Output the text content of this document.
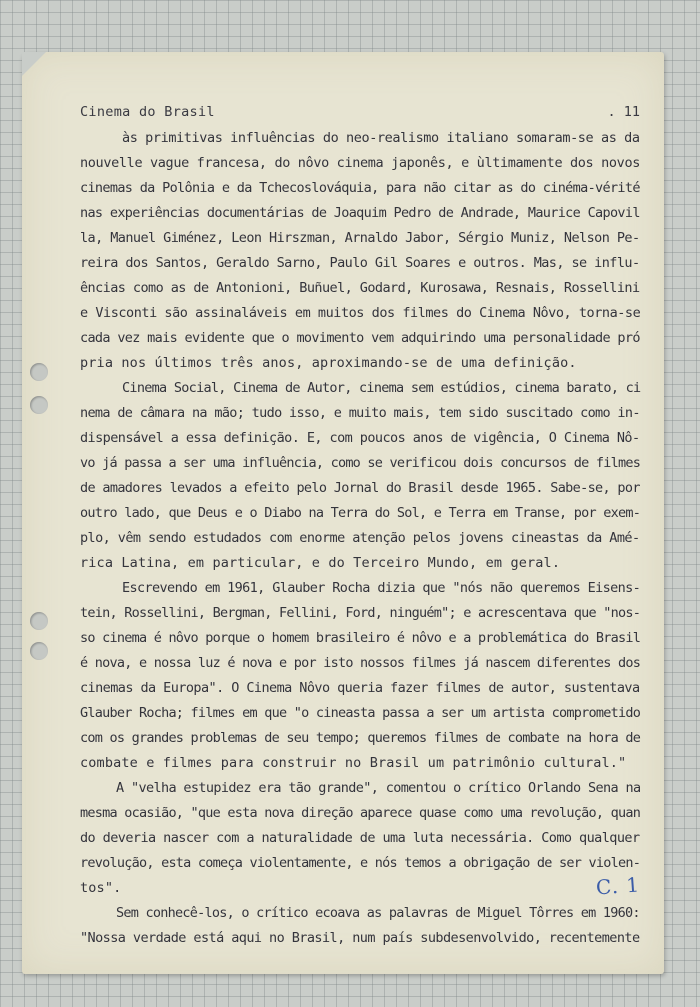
Cinema do Brasil	. 11
às primitivas influências do neo-realismo italiano somaram-se as da
nouvelle vague francesa, do nôvo cinema japonês, e ùltimamente dos novos
cinemas da Polônia e da Tchecoslováquia, para não citar as do cinéma-vérité
nas experiências documentárias de Joaquim Pedro de Andrade, Maurice Capovil
la, Manuel Giménez, Leon Hirszman, Arnaldo Jabor, Sérgio Muniz, Nelson Pe-
reira dos Santos, Geraldo Sarno, Paulo Gil Soares e outros. Mas, se influ-
ências como as de Antonioni, Buñuel, Godard, Kurosawa, Resnais, Rossellini
e Visconti são assinaláveis em muitos dos filmes do Cinema Nôvo, torna-se
cada vez mais evidente que o movimento vem adquirindo uma personalidade pró
pria nos últimos três anos, aproximando-se de uma definição.
Cinema Social, Cinema de Autor, cinema sem estúdios, cinema barato, ci
nema de câmara na mão; tudo isso, e muito mais, tem sido suscitado como in-
dispensável a essa definição. E, com poucos anos de vigência, O Cinema Nô-
vo já passa a ser uma influência, como se verificou dois concursos de filmes
de amadores levados a efeito pelo Jornal do Brasil desde 1965. Sabe-se, por
outro lado, que Deus e o Diabo na Terra do Sol, e Terra em Transe, por exem-
plo, vêm sendo estudados com enorme atenção pelos jovens cineastas da Amé-
rica Latina, em particular, e do Terceiro Mundo, em geral.
Escrevendo em 1961, Glauber Rocha dizia que "nós não queremos Eisens-
tein, Rossellini, Bergman, Fellini, Ford, ninguém"; e acrescentava que "nos-
so cinema é nôvo porque o homem brasileiro é nôvo e a problemática do Brasil
é nova, e nossa luz é nova e por isto nossos filmes já nascem diferentes dos
cinemas da Europa". O Cinema Nôvo queria fazer filmes de autor, sustentava
Glauber Rocha; filmes em que "o cineasta passa a ser um artista comprometido
com os grandes problemas de seu tempo; queremos filmes de combate na hora de
combate e filmes para construir no Brasil um patrimônio cultural."
A "velha estupidez era tão grande", comentou o crítico Orlando Sena na
mesma ocasião, "que esta nova direção aparece quase como uma revolução, quan
do deveria nascer com a naturalidade de uma luta necessária. Como qualquer
revolução, esta começa violentamente, e nós temos a obrigação de ser violen-
tos".
Sem conhecê-los, o crítico ecoava as palavras de Miguel Tôrres em 1960:
"Nossa verdade está aqui no Brasil, num país subdesenvolvido, recentemente
C. 1
